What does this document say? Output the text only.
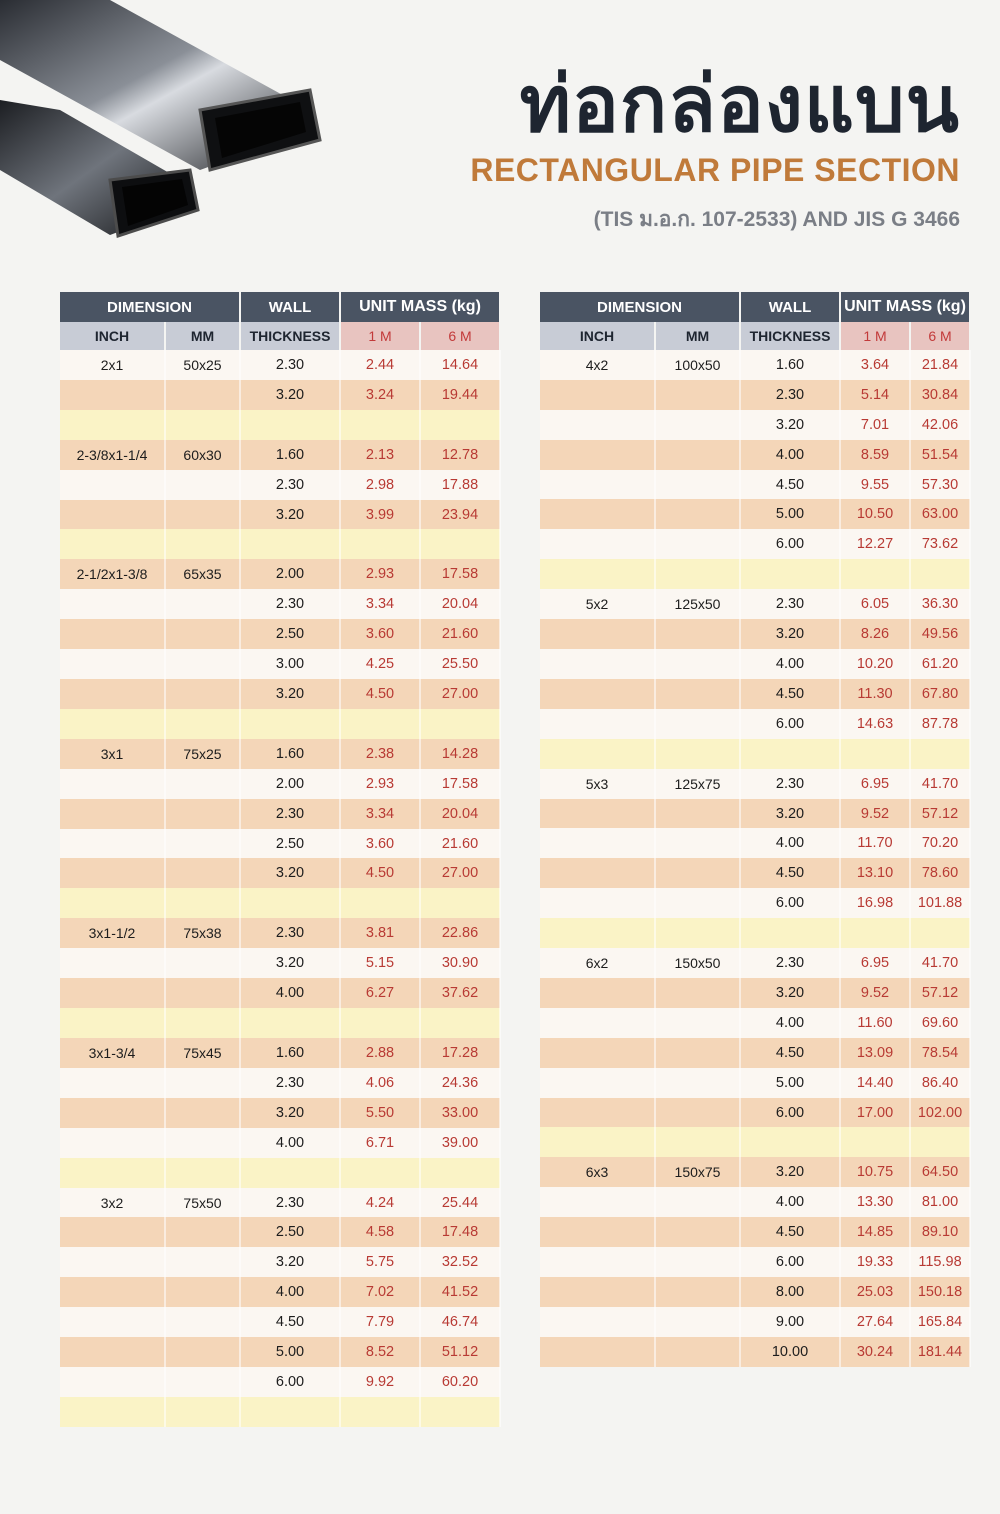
ท่อกล่องแบน
RECTANGULAR PIPE SECTION
(TIS ม.อ.ก. 107-2533) AND JIS G 3466
DIMENSION		WALL	UNIT MASS (kg)	
INCH	MM	THICKNESS	1 M	6 M
2x1	50x25	2.30	2.44	14.64
		3.20	3.24	19.44

2-3/8x1-1/4	60x30	1.60	2.13	12.78
		2.30	2.98	17.88
		3.20	3.99	23.94

2-1/2x1-3/8	65x35	2.00	2.93	17.58
		2.30	3.34	20.04
		2.50	3.60	21.60
		3.00	4.25	25.50
		3.20	4.50	27.00

3x1	75x25	1.60	2.38	14.28
		2.00	2.93	17.58
		2.30	3.34	20.04
		2.50	3.60	21.60
		3.20	4.50	27.00

3x1-1/2	75x38	2.30	3.81	22.86
		3.20	5.15	30.90
		4.00	6.27	37.62

3x1-3/4	75x45	1.60	2.88	17.28
		2.30	4.06	24.36
		3.20	5.50	33.00
		4.00	6.71	39.00

3x2	75x50	2.30	4.24	25.44
		2.50	4.58	17.48
		3.20	5.75	32.52
		4.00	7.02	41.52
		4.50	7.79	46.74
		5.00	8.52	51.12
		6.00	9.92	60.20

DIMENSION		WALL	UNIT MASS (kg)	
INCH	MM	THICKNESS	1 M	6 M
4x2	100x50	1.60	3.64	21.84
		2.30	5.14	30.84
		3.20	7.01	42.06
		4.00	8.59	51.54
		4.50	9.55	57.30
		5.00	10.50	63.00
		6.00	12.27	73.62

5x2	125x50	2.30	6.05	36.30
		3.20	8.26	49.56
		4.00	10.20	61.20
		4.50	11.30	67.80
		6.00	14.63	87.78

5x3	125x75	2.30	6.95	41.70
		3.20	9.52	57.12
		4.00	11.70	70.20
		4.50	13.10	78.60
		6.00	16.98	101.88

6x2	150x50	2.30	6.95	41.70
		3.20	9.52	57.12
		4.00	11.60	69.60
		4.50	13.09	78.54
		5.00	14.40	86.40
		6.00	17.00	102.00

6x3	150x75	3.20	10.75	64.50
		4.00	13.30	81.00
		4.50	14.85	89.10
		6.00	19.33	115.98
		8.00	25.03	150.18
		9.00	27.64	165.84
		10.00	30.24	181.44
